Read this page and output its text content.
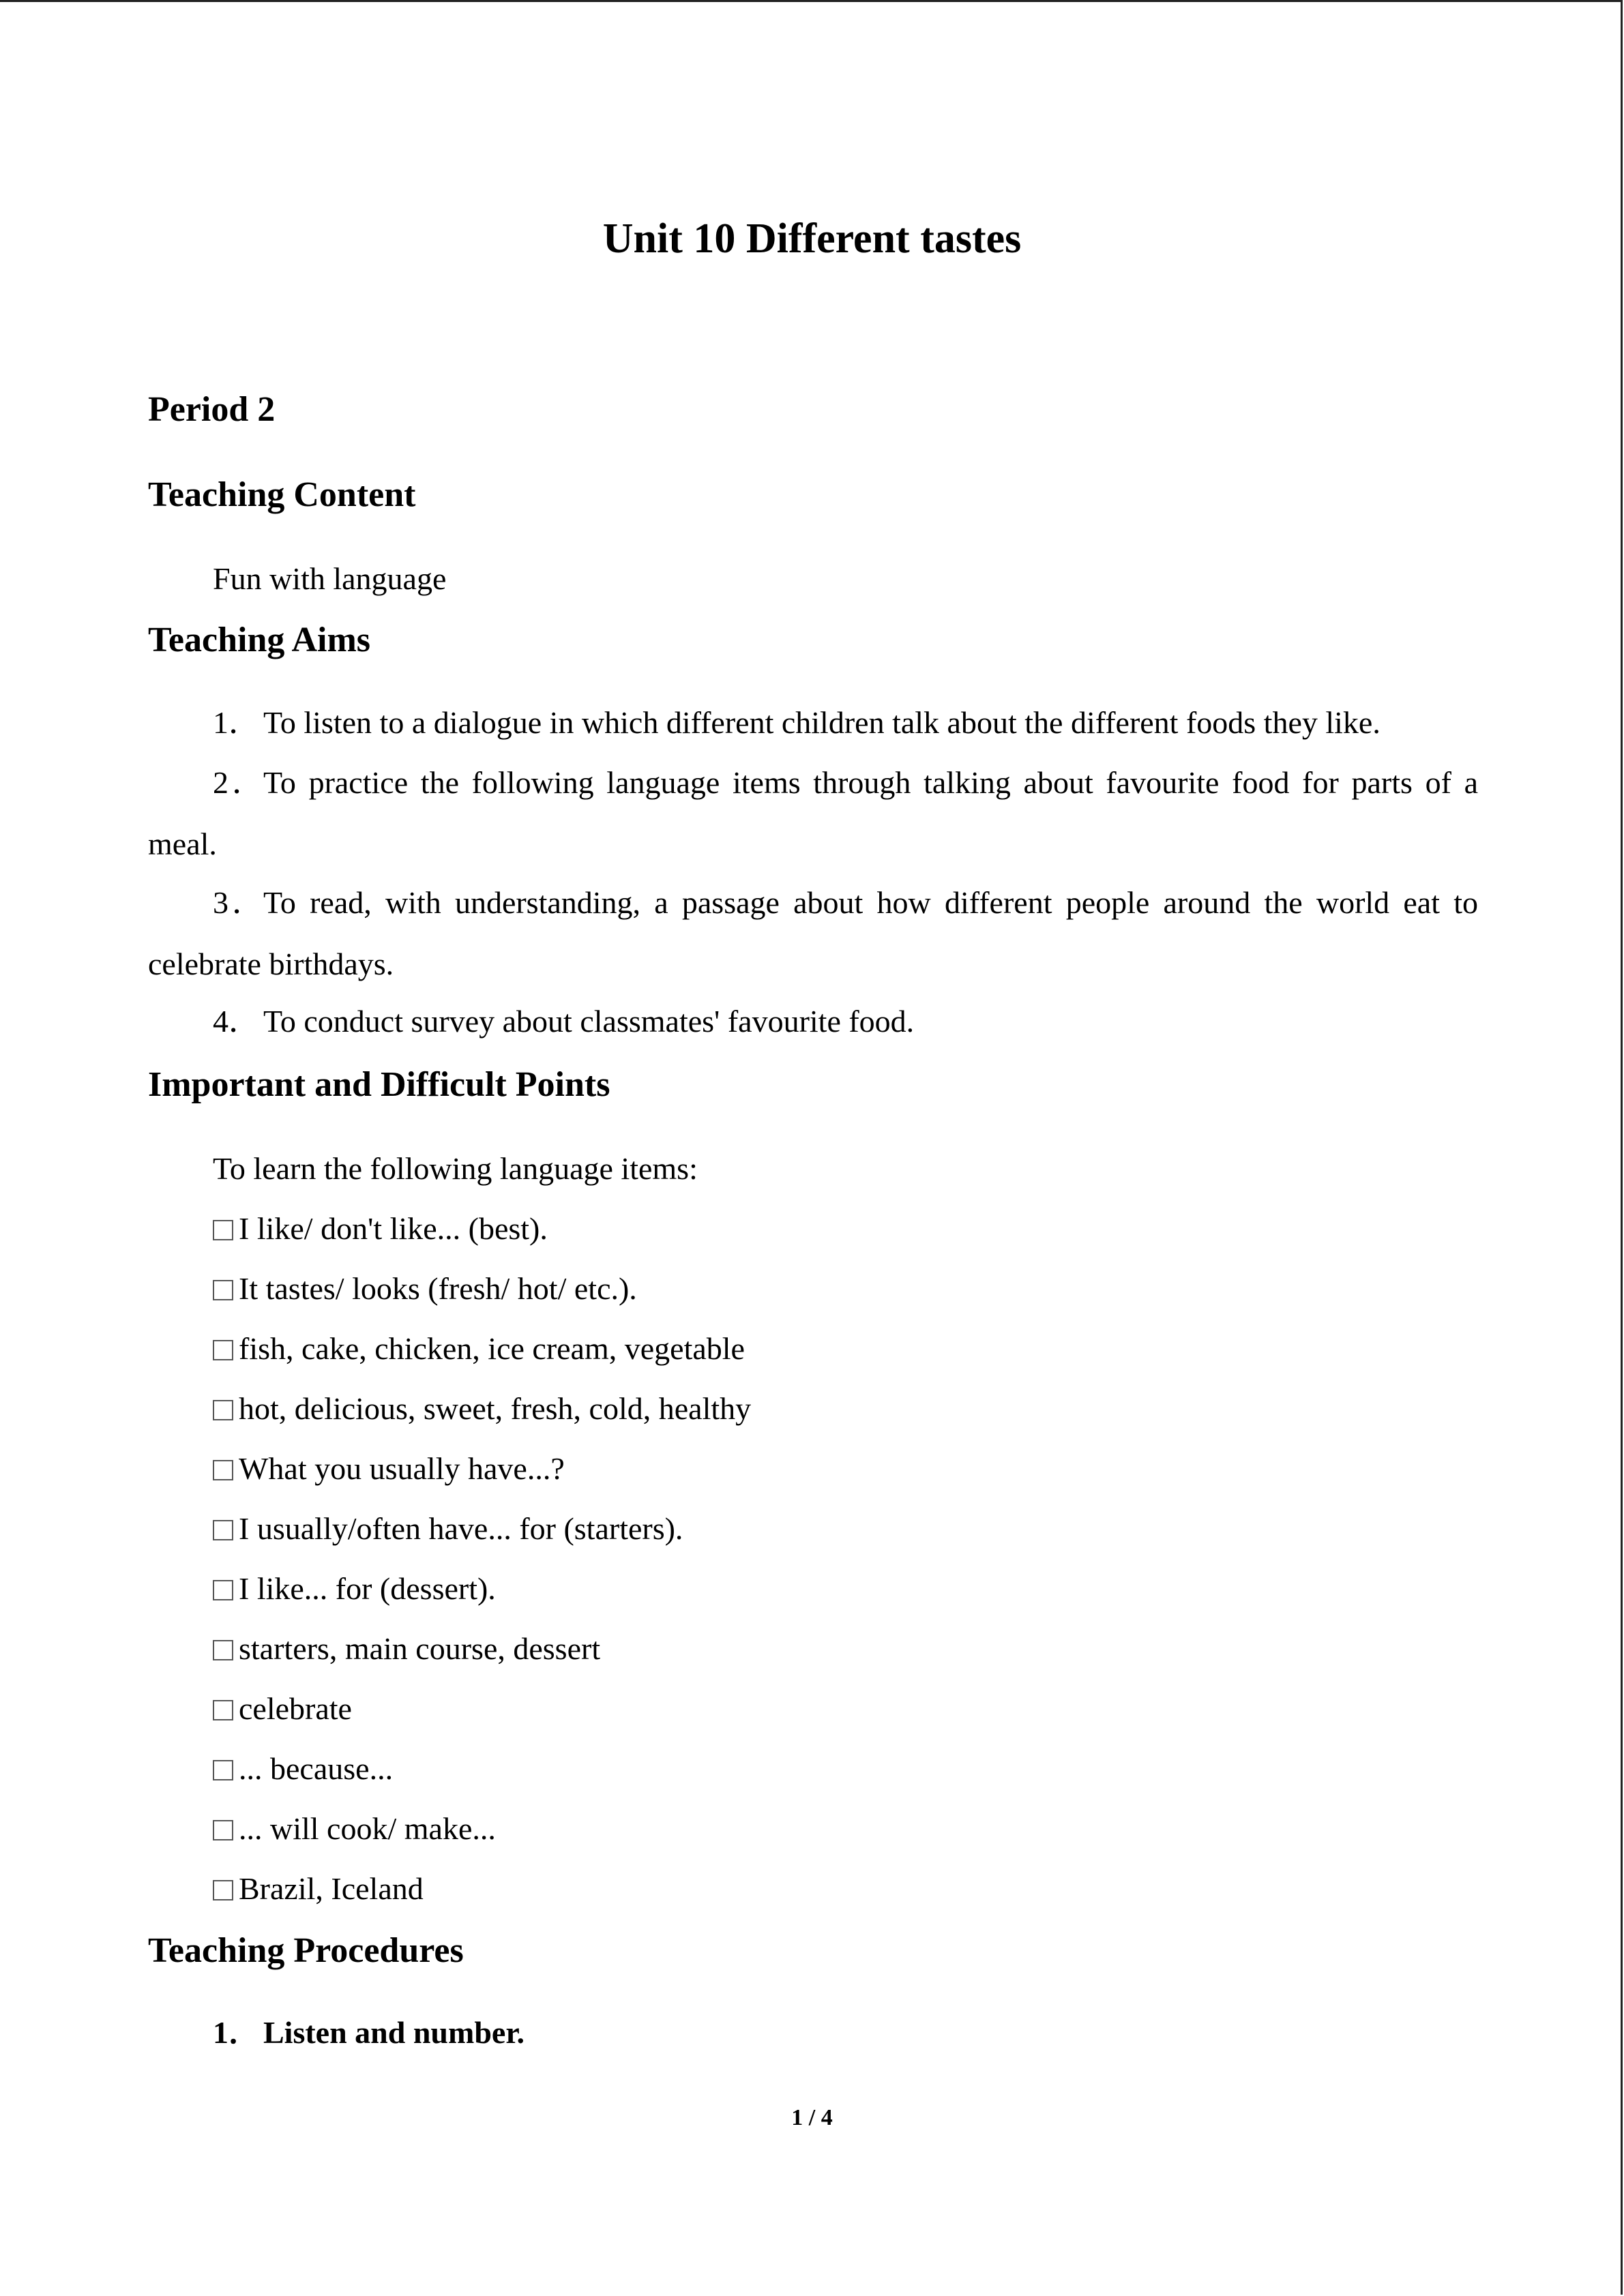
Unit 10 Different tastes
Period 2
Teaching Content

Fun with language

Teaching Aims

1． To listen to a dialogue in which different children talk about the different foods they like.

2．To practice the following language items through talking about favourite food for parts of a

meal.

3．To read, with understanding, a passage about how different people around the world eat to

celebrate birthdays.

4． To conduct survey about classmates' favourite food.

Important and Difficult Points

To learn the following language items:

I like/ don't like... (best).

It tastes/ looks (fresh/ hot/ etc.).

fish, cake, chicken, ice cream, vegetable

hot, delicious, sweet, fresh, cold, healthy

What you usually have...?

I usually/often have... for (starters).

I like... for (dessert).

starters, main course, dessert

celebrate

... because...

... will cook/ make...

Brazil, Iceland

Teaching Procedures

1． Listen and number.

1 / 4
